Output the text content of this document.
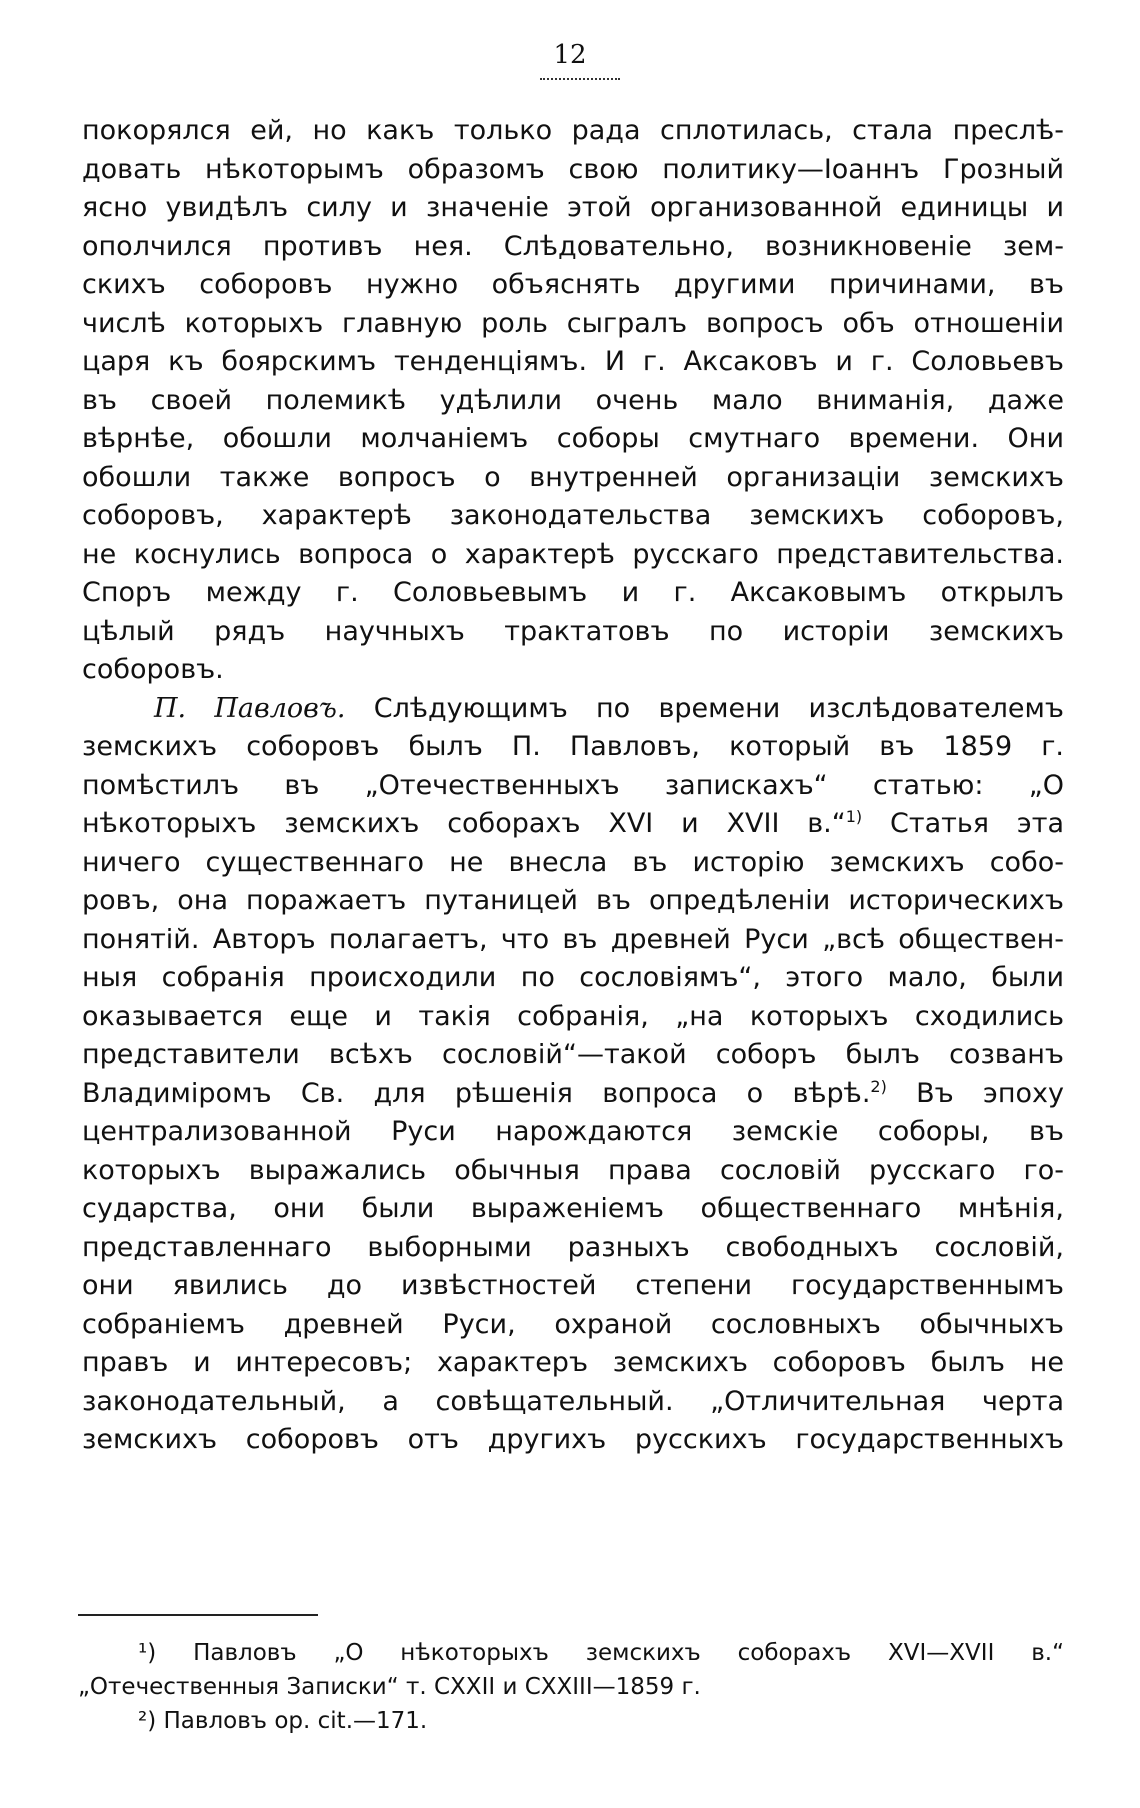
12
покорялся ей, но какъ только рада сплотилась, стала преслѣ-
довать нѣкоторымъ образомъ свою политику—Іоаннъ Грозный
ясно увидѣлъ силу и значеніе этой организованной единицы и
ополчился противъ нея. Слѣдовательно, возникновеніе зем-
скихъ соборовъ нужно объяснять другими причинами, въ
числѣ которыхъ главную роль сыгралъ вопросъ объ отношеніи
царя къ боярскимъ тенденціямъ. И г. Аксаковъ и г. Соловьевъ
въ своей полемикѣ удѣлили очень мало вниманія, даже
вѣрнѣе, обошли молчаніемъ соборы смутнаго времени. Они
обошли также вопросъ о внутренней организаціи земскихъ
соборовъ, характерѣ законодательства земскихъ соборовъ,
не коснулись вопроса о характерѣ русскаго представительства.
Споръ между г. Соловьевымъ и г. Аксаковымъ открылъ
цѣлый рядъ научныхъ трактатовъ по исторіи земскихъ
соборовъ.
П. Павловъ. Слѣдующимъ по времени изслѣдователемъ
земскихъ соборовъ былъ П. Павловъ, который въ 1859 г.
помѣстилъ въ „Отечественныхъ запискахъ“ статью: „О
нѣкоторыхъ земскихъ соборахъ XVI и XVII в.“$^{1)}$ Статья эта
ничего существеннаго не внесла въ исторію земскихъ собо-
ровъ, она поражаетъ путаницей въ опредѣленіи историческихъ
понятій. Авторъ полагаетъ, что въ древней Руси „всѣ обществен-
ныя собранія происходили по сословіямъ“, этого мало, были
оказывается еще и такія собранія, „на которыхъ сходились
представители всѣхъ сословій“—такой соборъ былъ созванъ
Владиміромъ Св. для рѣшенія вопроса о вѣрѣ.$^{2)}$ Въ эпоху
централизованной Руси нарождаются земскіе соборы, въ
которыхъ выражались обычныя права сословій русскаго го-
сударства, они были выраженіемъ общественнаго мнѣнія,
представленнаго выборными разныхъ свободныхъ сословій,
они явились до извѣстностей степени государственнымъ
собраніемъ древней Руси, охраной сословныхъ обычныхъ
правъ и интересовъ; характеръ земскихъ соборовъ былъ не
законодательный, а совѣщательный. „Отличительная черта
земскихъ соборовъ отъ другихъ русскихъ государственныхъ
¹) Павловъ „О нѣкоторыхъ земскихъ соборахъ XVI—XVII в.“
„Отечественныя Записки“ т. CXXII и CXXIII—1859 г.
²) Павловъ op. cit.—171.
